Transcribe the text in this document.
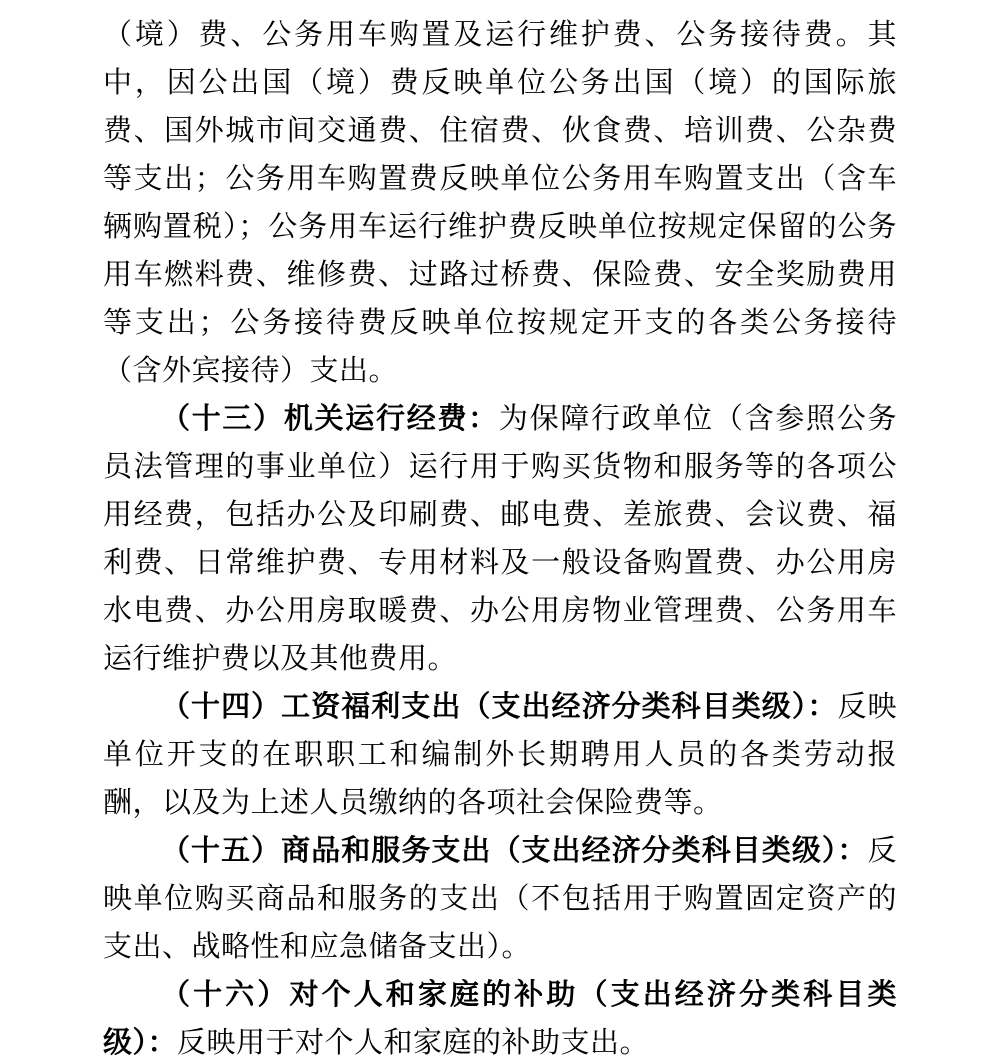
（境）费、公务用车购置及运行维护费、公务接待费。其中，因公出国（境）费反映单位公务出国（境）的国际旅费、国外城市间交通费、住宿费、伙食费、培训费、公杂费等支出；公务用车购置费反映单位公务用车购置支出（含车辆购置税）；公务用车运行维护费反映单位按规定保留的公务用车燃料费、维修费、过路过桥费、保险费、安全奖励费用等支出；公务接待费反映单位按规定开支的各类公务接待（含外宾接待）支出。

（十三）机关运行经费：为保障行政单位（含参照公务员法管理的事业单位）运行用于购买货物和服务等的各项公用经费，包括办公及印刷费、邮电费、差旅费、会议费、福利费、日常维护费、专用材料及一般设备购置费、办公用房水电费、办公用房取暖费、办公用房物业管理费、公务用车运行维护费以及其他费用。

（十四）工资福利支出（支出经济分类科目类级）：反映单位开支的在职职工和编制外长期聘用人员的各类劳动报酬，以及为上述人员缴纳的各项社会保险费等。

（十五）商品和服务支出（支出经济分类科目类级）：反映单位购买商品和服务的支出（不包括用于购置固定资产的支出、战略性和应急储备支出）。

（十六）对个人和家庭的补助（支出经济分类科目类级）：反映用于对个人和家庭的补助支出。
